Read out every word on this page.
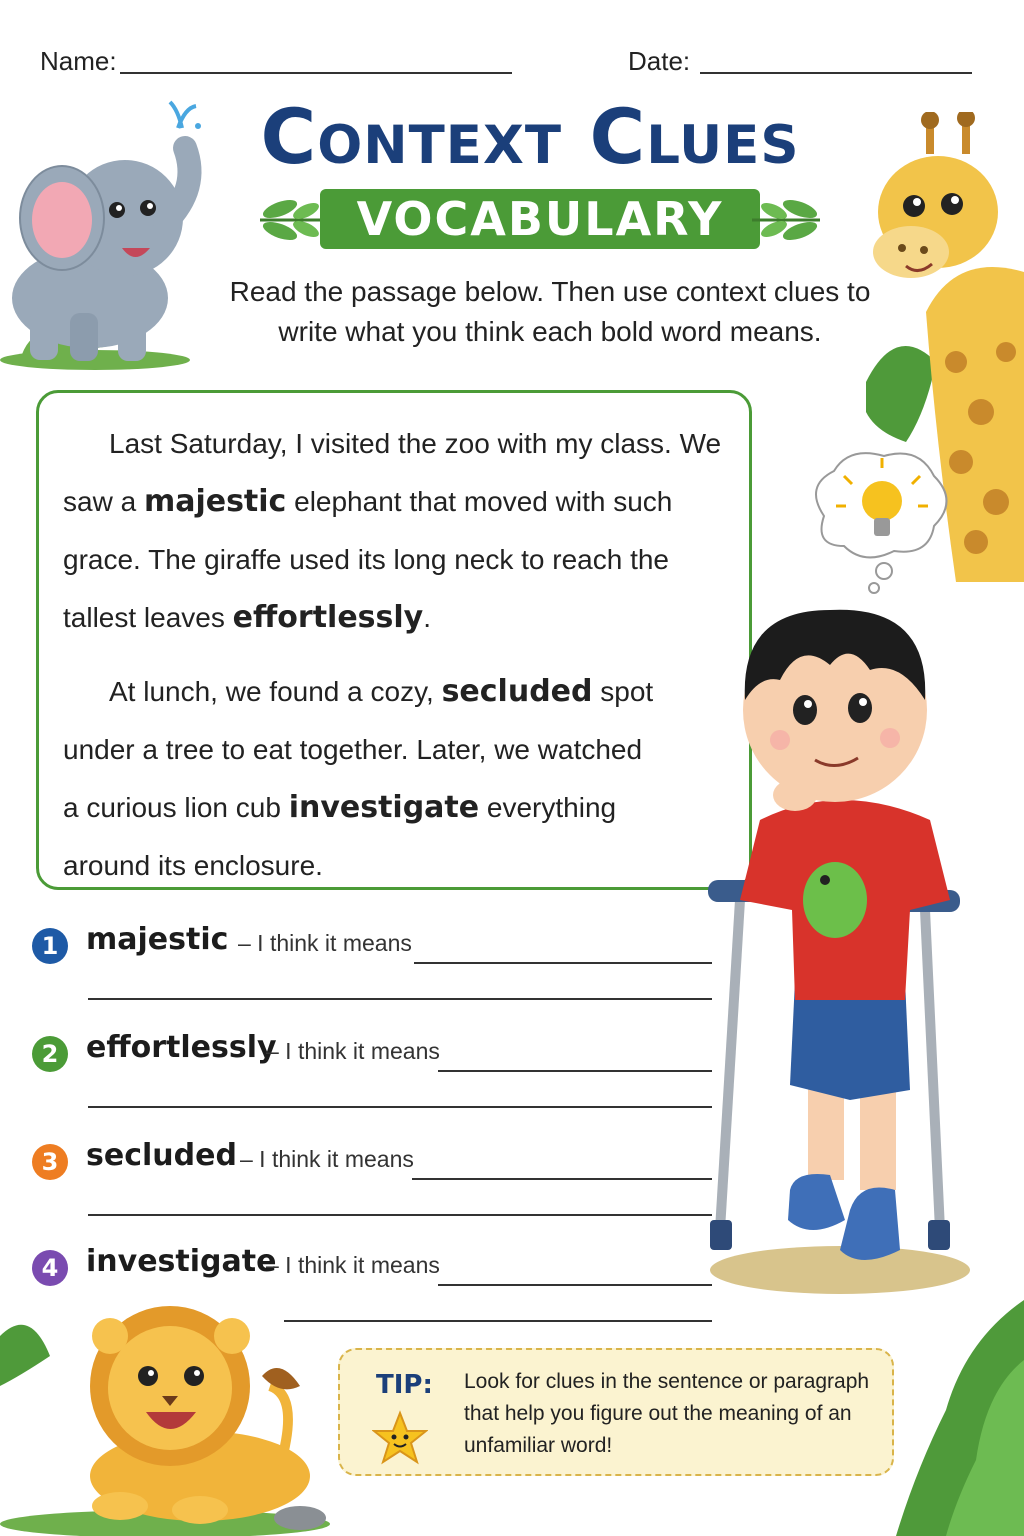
Name:	Date:
Context Clues
VOCABULARY
Read the passage below. Then use context clues to write what you think each bold word means.

Last Saturday, I visited the zoo with my class. We saw a majestic elephant that moved with such grace. The giraffe used its long neck to reach the tallest leaves effortlessly.

At lunch, we found a cozy, secluded spot under a tree to eat together. Later, we watched a curious lion cub investigate everything around its enclosure.

1 majestic – I think it means
2 effortlessly
– I think it means
3 secluded – I think it means
4 investigate
– I think it means
TIP: Look for clues in the sentence or paragraph that help you figure out the meaning of an unfamiliar word!
